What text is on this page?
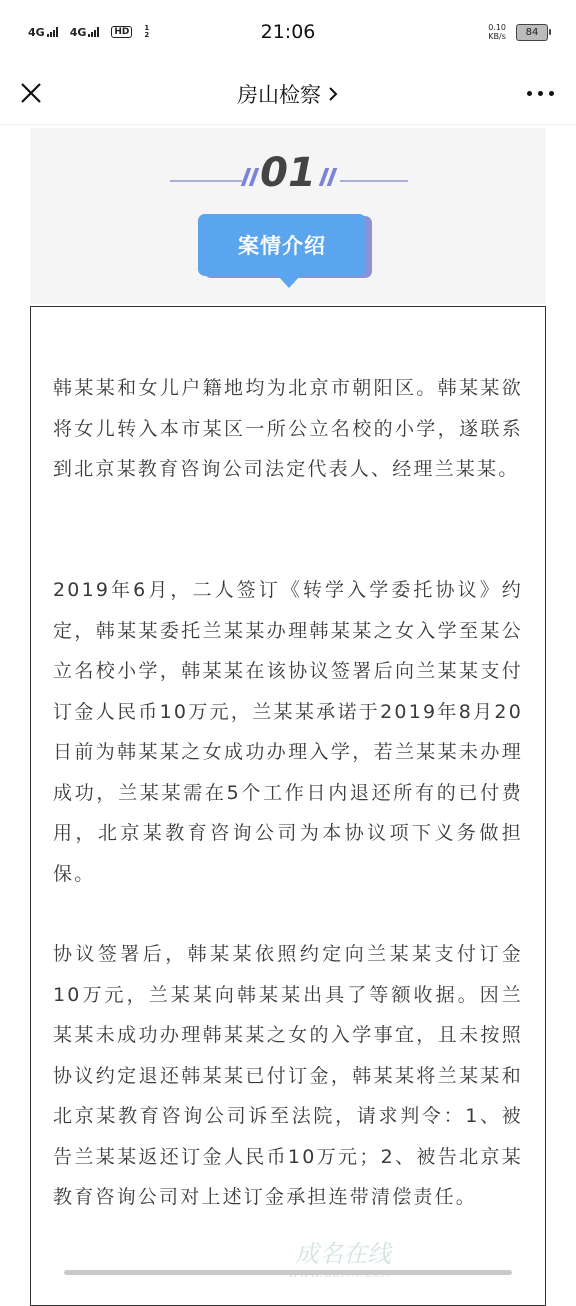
4G 4G	HD	1
2	21:06	0.10
KB/s 84
房山检察
01
案情介绍

韩某某和女儿户籍地均为北京市朝阳区。韩某某欲将女儿转入本市某区一所公立名校的小学，遂联系到北京某教育咨询公司法定代表人、经理兰某某。

2019年6月，二人签订《转学入学委托协议》约定，韩某某委托兰某某办理韩某某之女入学至某公立名校小学，韩某某在该协议签署后向兰某某支付订金人民币10万元，兰某某承诺于2019年8月20日前为韩某某之女成功办理入学，若兰某某未办理成功，兰某某需在5个工作日内退还所有的已付费用，北京某教育咨询公司为本协议项下义务做担保。

协议签署后，韩某某依照约定向兰某某支付订金10万元，兰某某向韩某某出具了等额收据。因兰某某未成功办理韩某某之女的入学事宜，且未按照协议约定退还韩某某已付订金，韩某某将兰某某和北京某教育咨询公司诉至法院，请求判令：1、被告兰某某返还订金人民币10万元；2、被告北京某教育咨询公司对上述订金承担连带清偿责任。

成名在线
